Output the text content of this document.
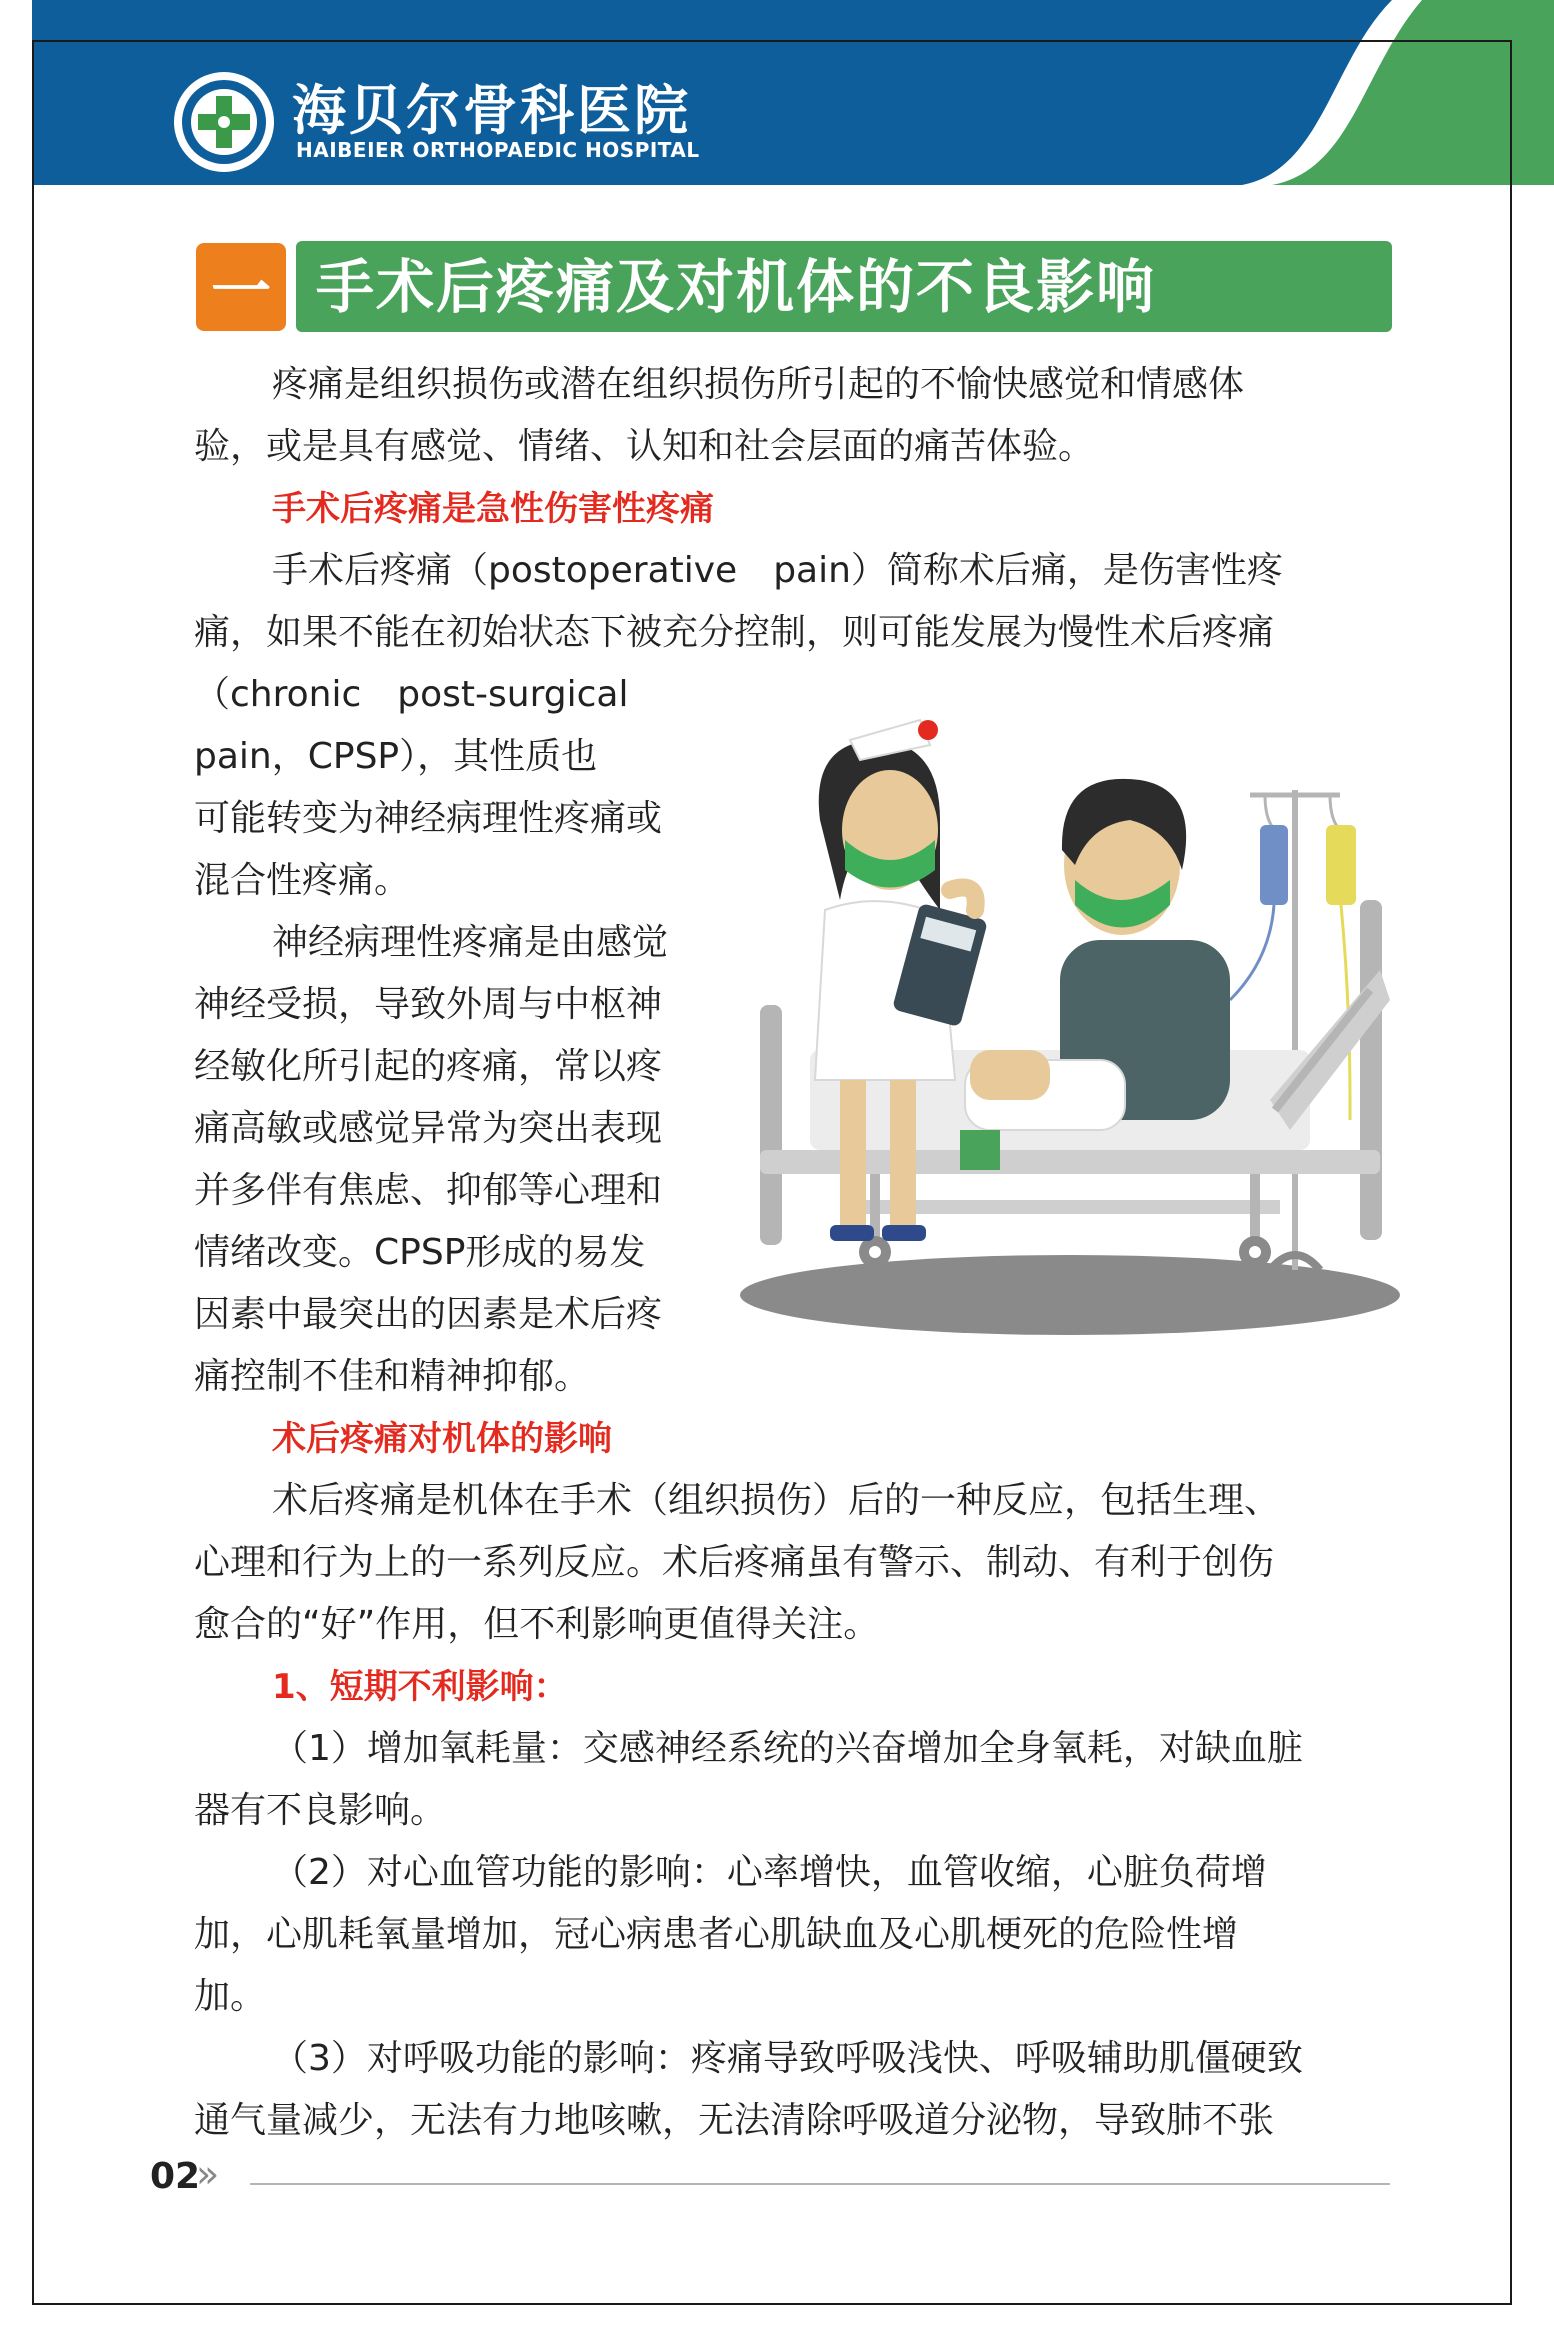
海贝尔骨科医院
HAIBEIER ORTHOPAEDIC HOSPITAL
一 手术后疼痛及对机体的不良影响
疼痛是组织损伤或潜在组织损伤所引起的不愉快感觉和情感体
验，或是具有感觉、情绪、认知和社会层面的痛苦体验。
手术后疼痛是急性伤害性疼痛
手术后疼痛（postoperative　pain）简称术后痛，是伤害性疼
痛，如果不能在初始状态下被充分控制，则可能发展为慢性术后疼痛
（chronic　post-surgical
pain，CPSP），其性质也
可能转变为神经病理性疼痛或
混合性疼痛。
神经病理性疼痛是由感觉
神经受损，导致外周与中枢神
经敏化所引起的疼痛，常以疼
痛高敏或感觉异常为突出表现
并多伴有焦虑、抑郁等心理和
情绪改变。CPSP形成的易发
因素中最突出的因素是术后疼
痛控制不佳和精神抑郁。
术后疼痛对机体的影响
术后疼痛是机体在手术（组织损伤）后的一种反应，包括生理、
心理和行为上的一系列反应。术后疼痛虽有警示、制动、有利于创伤
愈合的“好”作用，但不利影响更值得关注。
1、短期不利影响：
（1）增加氧耗量：交感神经系统的兴奋增加全身氧耗，对缺血脏
器有不良影响。
（2）对心血管功能的影响：心率增快，血管收缩，心脏负荷增
加，心肌耗氧量增加，冠心病患者心肌缺血及心肌梗死的危险性增
加。
（3）对呼吸功能的影响：疼痛导致呼吸浅快、呼吸辅助肌僵硬致
通气量减少，无法有力地咳嗽，无法清除呼吸道分泌物，导致肺不张
02
»
